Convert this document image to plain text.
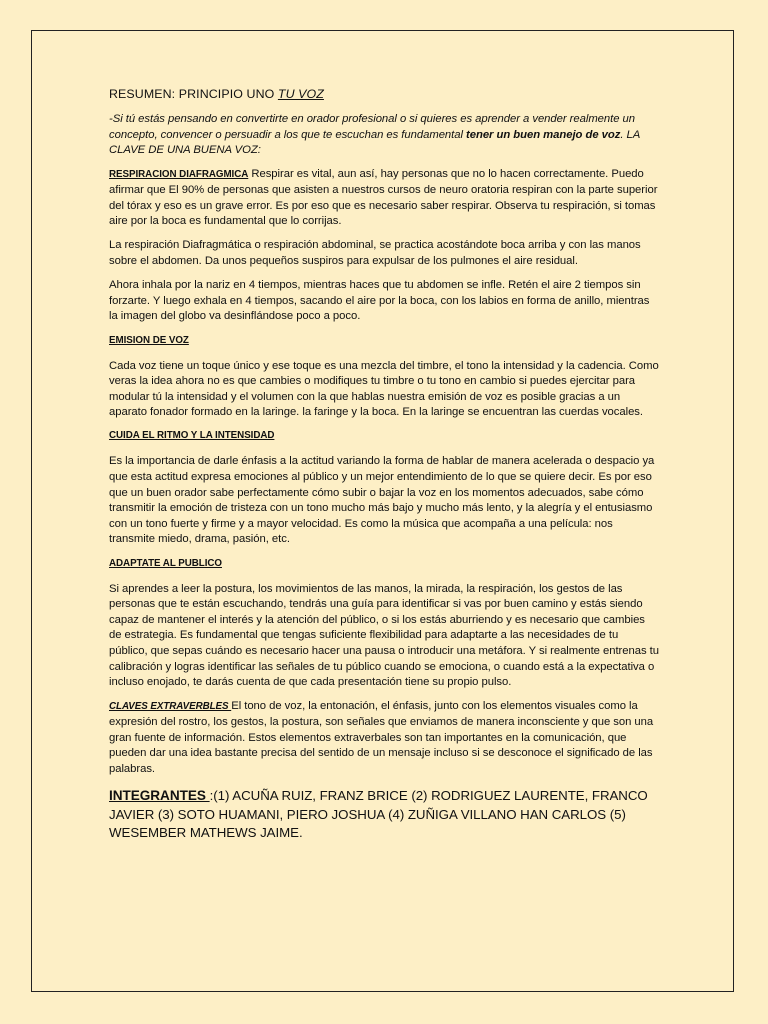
RESUMEN: PRINCIPIO UNO TU VOZ

-Si tú estás pensando en convertirte en orador profesional o si quieres es aprender a vender realmente un concepto, convencer o persuadir a los que te escuchan es fundamental tener un buen manejo de voz. LA CLAVE DE UNA BUENA VOZ:

RESPIRACION DIAFRAGMICA Respirar es vital, aun así, hay personas que no lo hacen correctamente. Puedo afirmar que El 90% de personas que asisten a nuestros cursos de neuro oratoria respiran con la parte superior del tórax y eso es un grave error. Es por eso que es necesario saber respirar. Observa tu respiración, si tomas aire por la boca es fundamental que lo corrijas.

La respiración Diafragmática o respiración abdominal, se practica acostándote boca arriba y con las manos sobre el abdomen. Da unos pequeños suspiros para expulsar de los pulmones el aire residual.

Ahora inhala por la nariz en 4 tiempos, mientras haces que tu abdomen se infle. Retén el aire 2 tiempos sin forzarte. Y luego exhala en 4 tiempos, sacando el aire por la boca, con los labios en forma de anillo, mientras la imagen del globo va desinflándose poco a poco.

EMISION DE VOZ

Cada voz tiene un toque único y ese toque es una mezcla del timbre, el tono la intensidad y la cadencia. Como veras la idea ahora no es que cambies o modifiques tu timbre o tu tono en cambio si puedes ejercitar para modular tú la intensidad y el volumen con la que hablas nuestra emisión de voz es posible gracias a un aparato fonador formado en la laringe. la faringe y la boca. En la laringe se encuentran las cuerdas vocales.

CUIDA EL RITMO Y LA INTENSIDAD

Es la importancia de darle énfasis a la actitud variando la forma de hablar de manera acelerada o despacio ya que esta actitud expresa emociones al público y un mejor entendimiento de lo que se quiere decir. Es por eso que un buen orador sabe perfectamente cómo subir o bajar la voz en los momentos adecuados, sabe cómo transmitir la emoción de tristeza con un tono mucho más bajo y mucho más lento, y la alegría y el entusiasmo con un tono fuerte y firme y a mayor velocidad. Es como la música que acompaña a una película: nos transmite miedo, drama, pasión, etc.

ADAPTATE AL PUBLICO

Si aprendes a leer la postura, los movimientos de las manos, la mirada, la respiración, los gestos de las personas que te están escuchando, tendrás una guía para identificar si vas por buen camino y estás siendo capaz de mantener el interés y la atención del público, o si los estás aburriendo y es necesario que cambies de estrategia. Es fundamental que tengas suficiente flexibilidad para adaptarte a las necesidades de tu público, que sepas cuándo es necesario hacer una pausa o introducir una metáfora. Y si realmente entrenas tu calibración y logras identificar las señales de tu público cuando se emociona, o cuando está a la expectativa o incluso enojado, te darás cuenta de que cada presentación tiene su propio pulso.

CLAVES EXTRAVERBLES El tono de voz, la entonación, el énfasis, junto con los elementos visuales como la expresión del rostro, los gestos, la postura, son señales que enviamos de manera inconsciente y que son una gran fuente de información. Estos elementos extraverbales son tan importantes en la comunicación, que pueden dar una idea bastante precisa del sentido de un mensaje incluso si se desconoce el significado de las palabras.

INTEGRANTES :(1) ACUÑA RUIZ, FRANZ BRICE (2) RODRIGUEZ LAURENTE, FRANCO JAVIER (3) SOTO HUAMANI, PIERO JOSHUA (4) ZUÑIGA VILLANO HAN CARLOS (5) WESEMBER MATHEWS JAIME.
